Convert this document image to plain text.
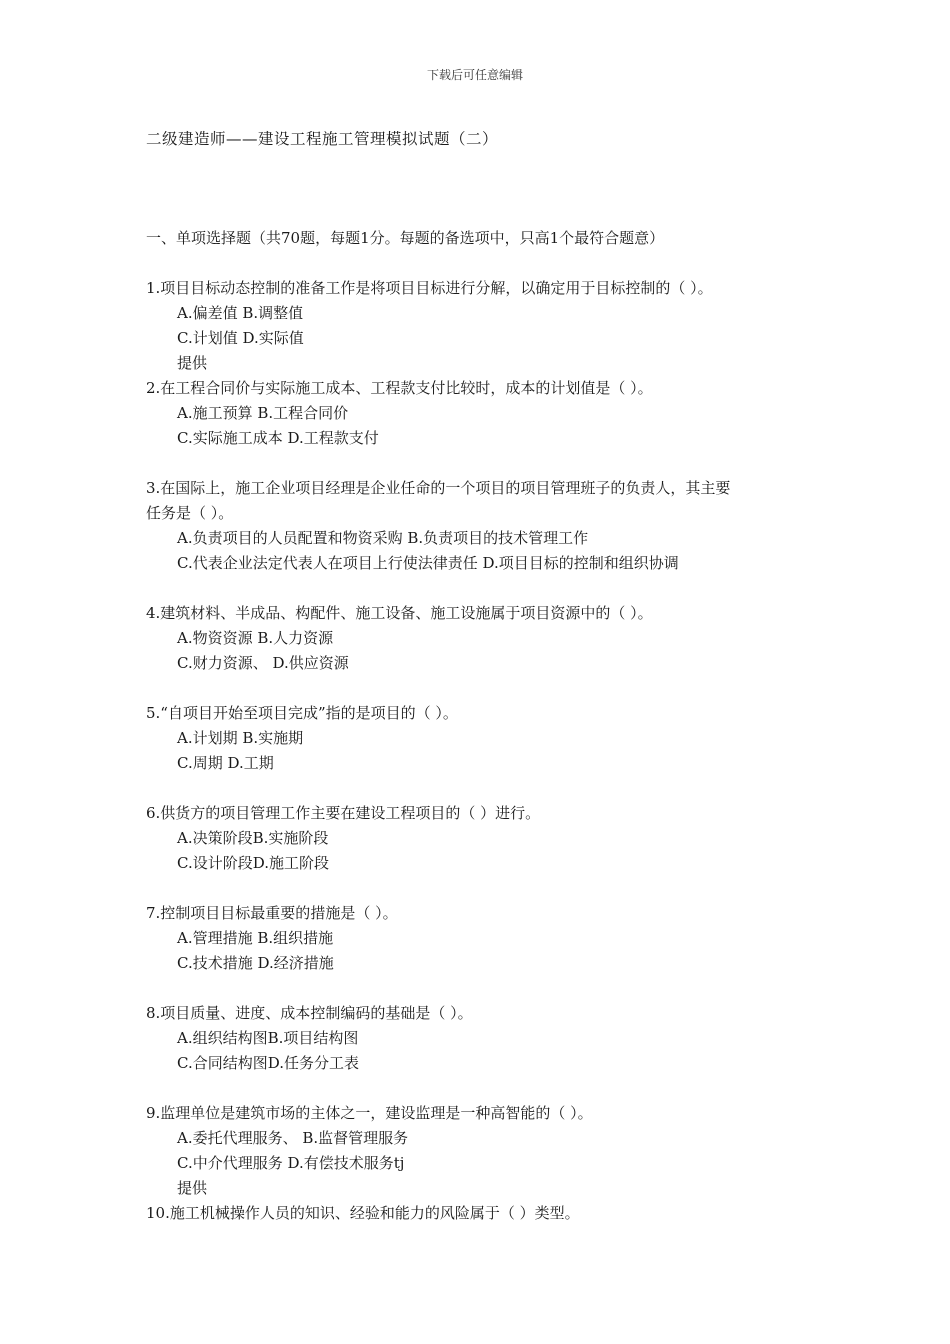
下载后可任意编辑
二级建造师——建设工程施工管理模拟试题（二）
一、单项选择题（共70题，每题1分。每题的备选项中，只高1个最符合题意）

1.项目目标动态控制的准备工作是将项目目标进行分解，以确定用于目标控制的（ ）。

A.偏差值 B.调整值

C.计划值 D.实际值

提供

2.在工程合同价与实际施工成本、工程款支付比较时，成本的计划值是（ ）。

A.施工预算 B.工程合同价

C.实际施工成本 D.工程款支付

3.在国际上，施工企业项目经理是企业任命的一个项目的项目管理班子的负责人，其主要

任务是（ ）。

A.负责项目的人员配置和物资采购 B.负责项目的技术管理工作

C.代表企业法定代表人在项目上行使法律责任 D.项目目标的控制和组织协调

4.建筑材料、半成品、构配件、施工设备、施工设施属于项目资源中的（ ）。

A.物资资源 B.人力资源

C.财力资源、 D.供应资源

5.“自项目开始至项目完成”指的是项目的（ ）。

A.计划期 B.实施期

C.周期 D.工期

6.供货方的项目管理工作主要在建设工程项目的（ ）进行。

A.决策阶段B.实施阶段

C.设计阶段D.施工阶段

7.控制项目目标最重要的措施是（ ）。

A.管理措施 B.组织措施

C.技术措施 D.经济措施

8.项目质量、进度、成本控制编码的基础是（ ）。

A.组织结构图B.项目结构图

C.合同结构图D.任务分工表

9.监理单位是建筑市场的主体之一，建设监理是一种高智能的（ ）。

A.委托代理服务、 B.监督管理服务

C.中介代理服务 D.有偿技术服务tj

提供

10.施工机械操作人员的知识、经验和能力的风险属于（ ）类型。
